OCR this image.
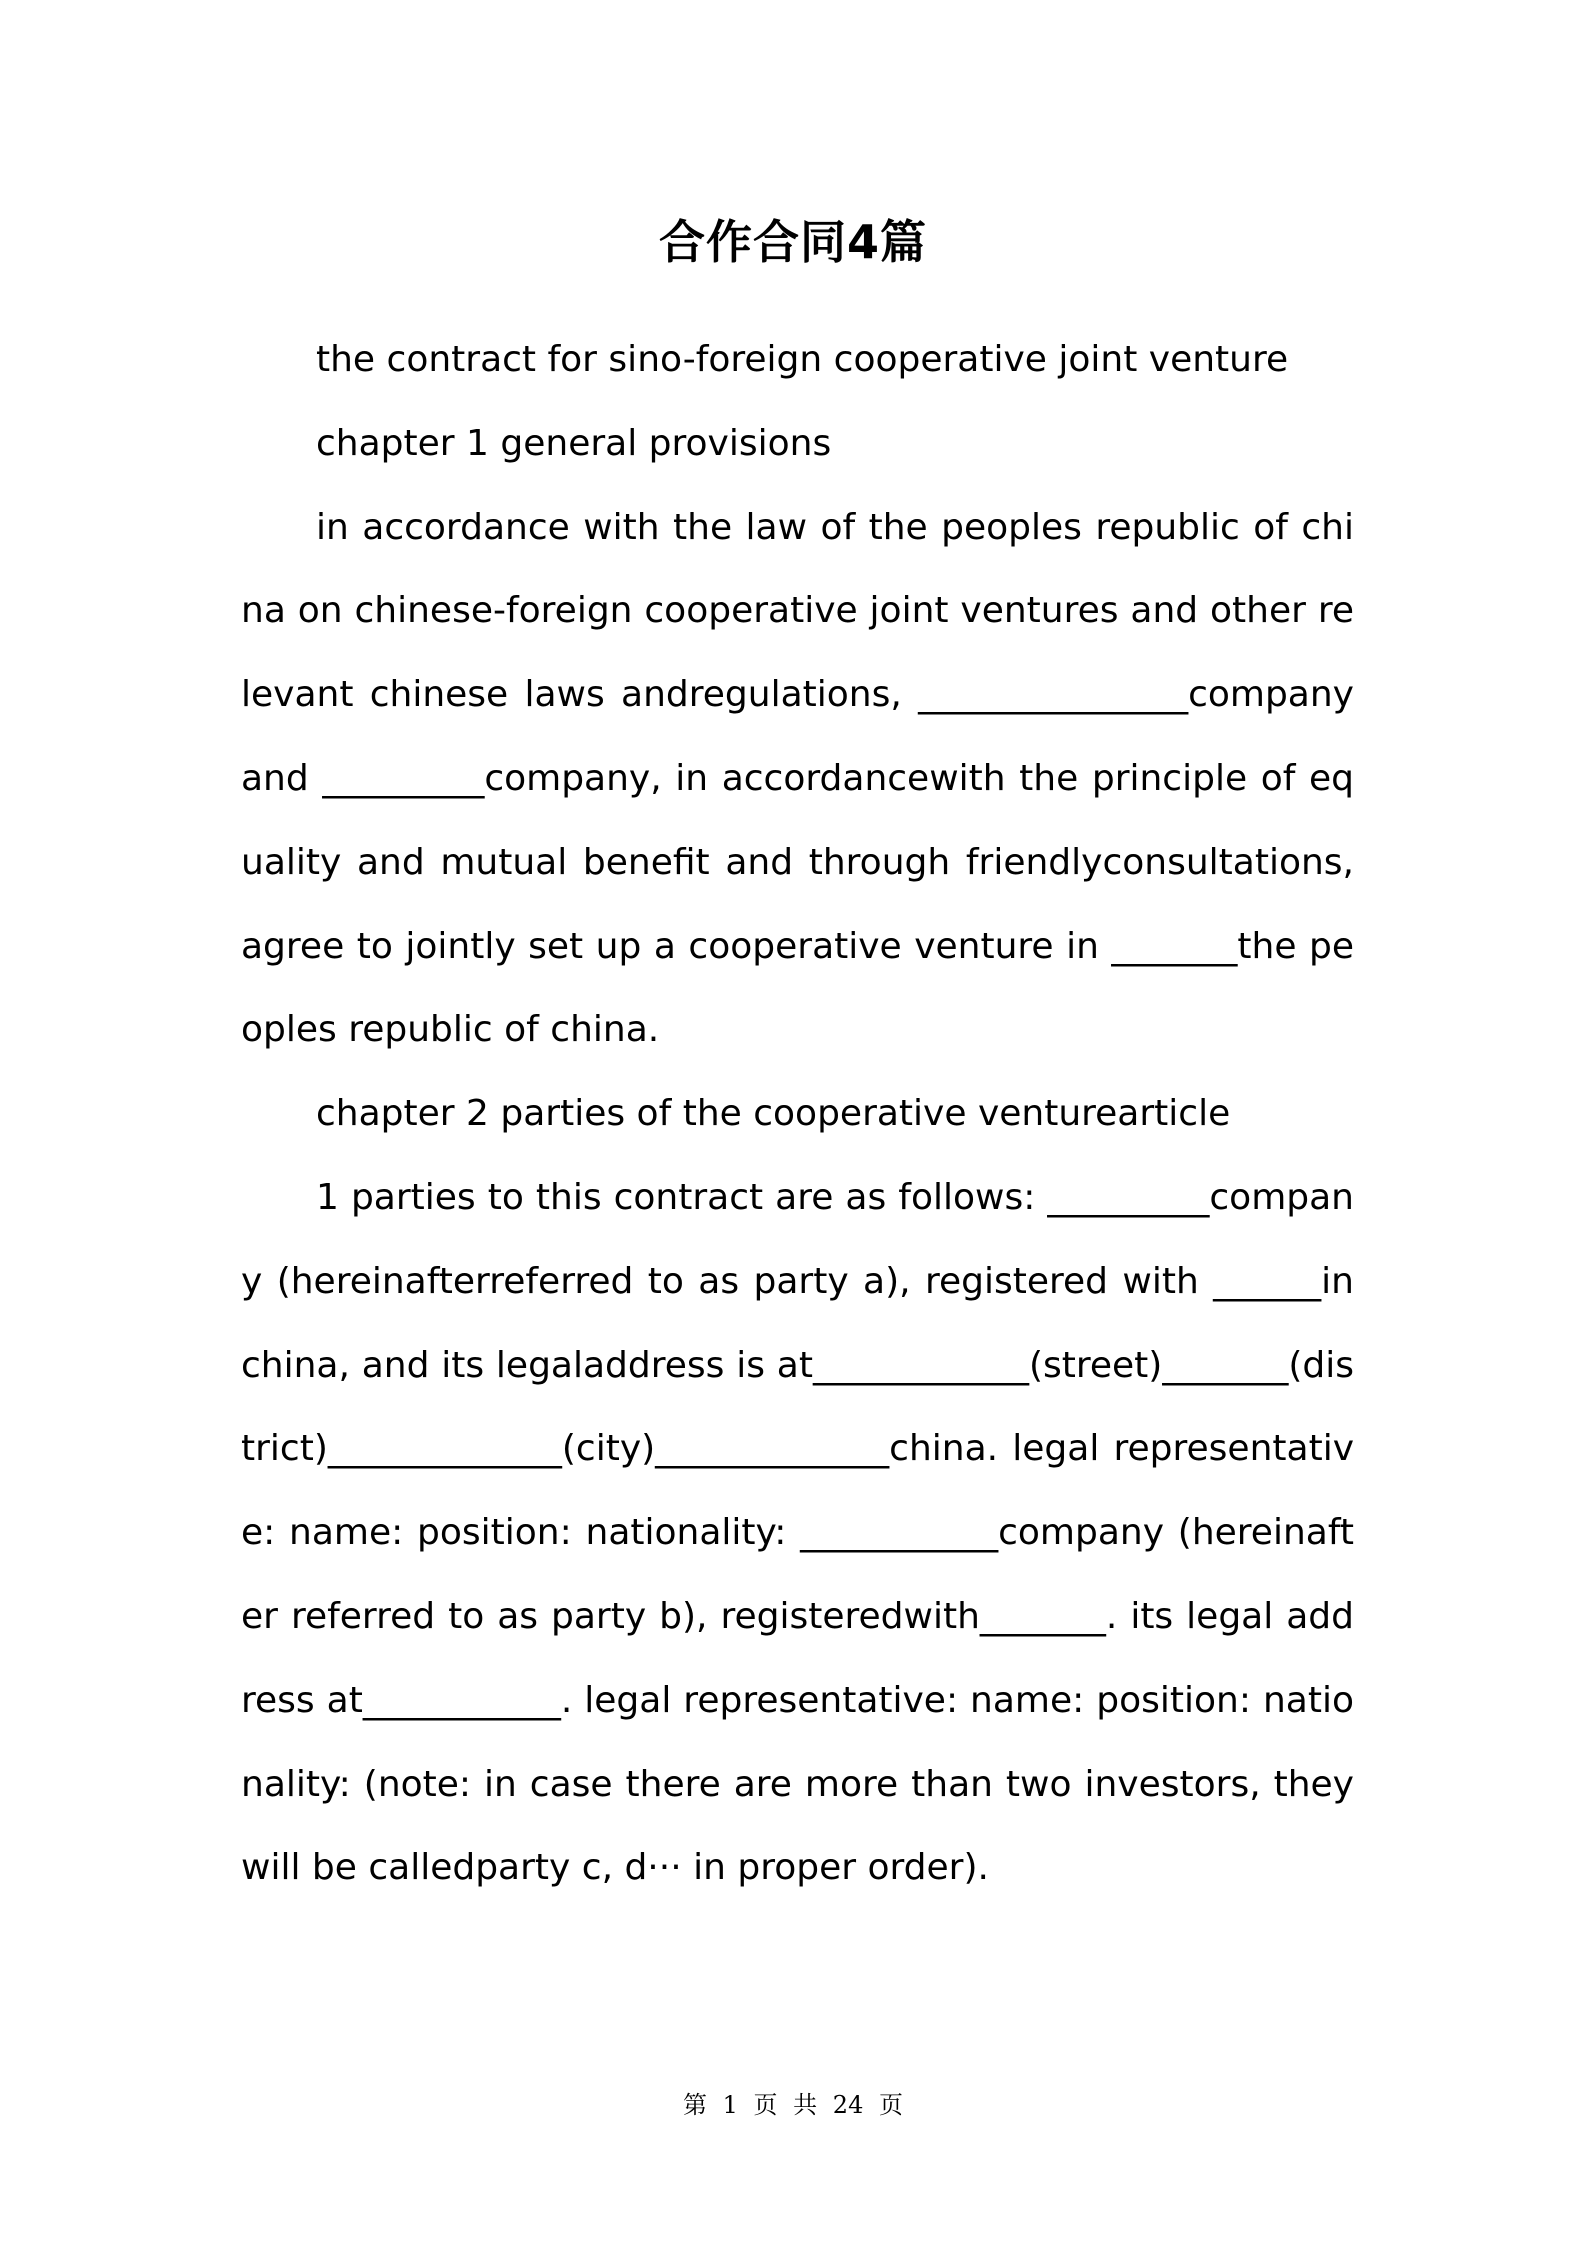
合作合同4篇

the contract for sino-foreign cooperative joint venture

chapter 1 general provisions

in accordance with the law of the peoples republic of china on chinese-foreign cooperative joint ventures and other relevant chinese laws andregulations, _______________company and _________company, in accordancewith the principle of equality and mutual benefit and through friendlyconsultations, agree to jointly set up a cooperative venture in _______the peoples republic of china.

chapter 2 parties of the cooperative venturearticle

1 parties to this contract are as follows: _________company (hereinafterreferred to as party a), registered with ______in china, and its legaladdress is at____________(street)_______(district)_____________(city)_____________china. legal representative: name: position: nationality: ___________company (hereinafter referred to as party b), registeredwith_______. its legal address at___________. legal representative: name: position: nationality: (note: in case there are more than two investors, they will be calledparty c, d··· in proper order).

第 1 页 共 24 页
